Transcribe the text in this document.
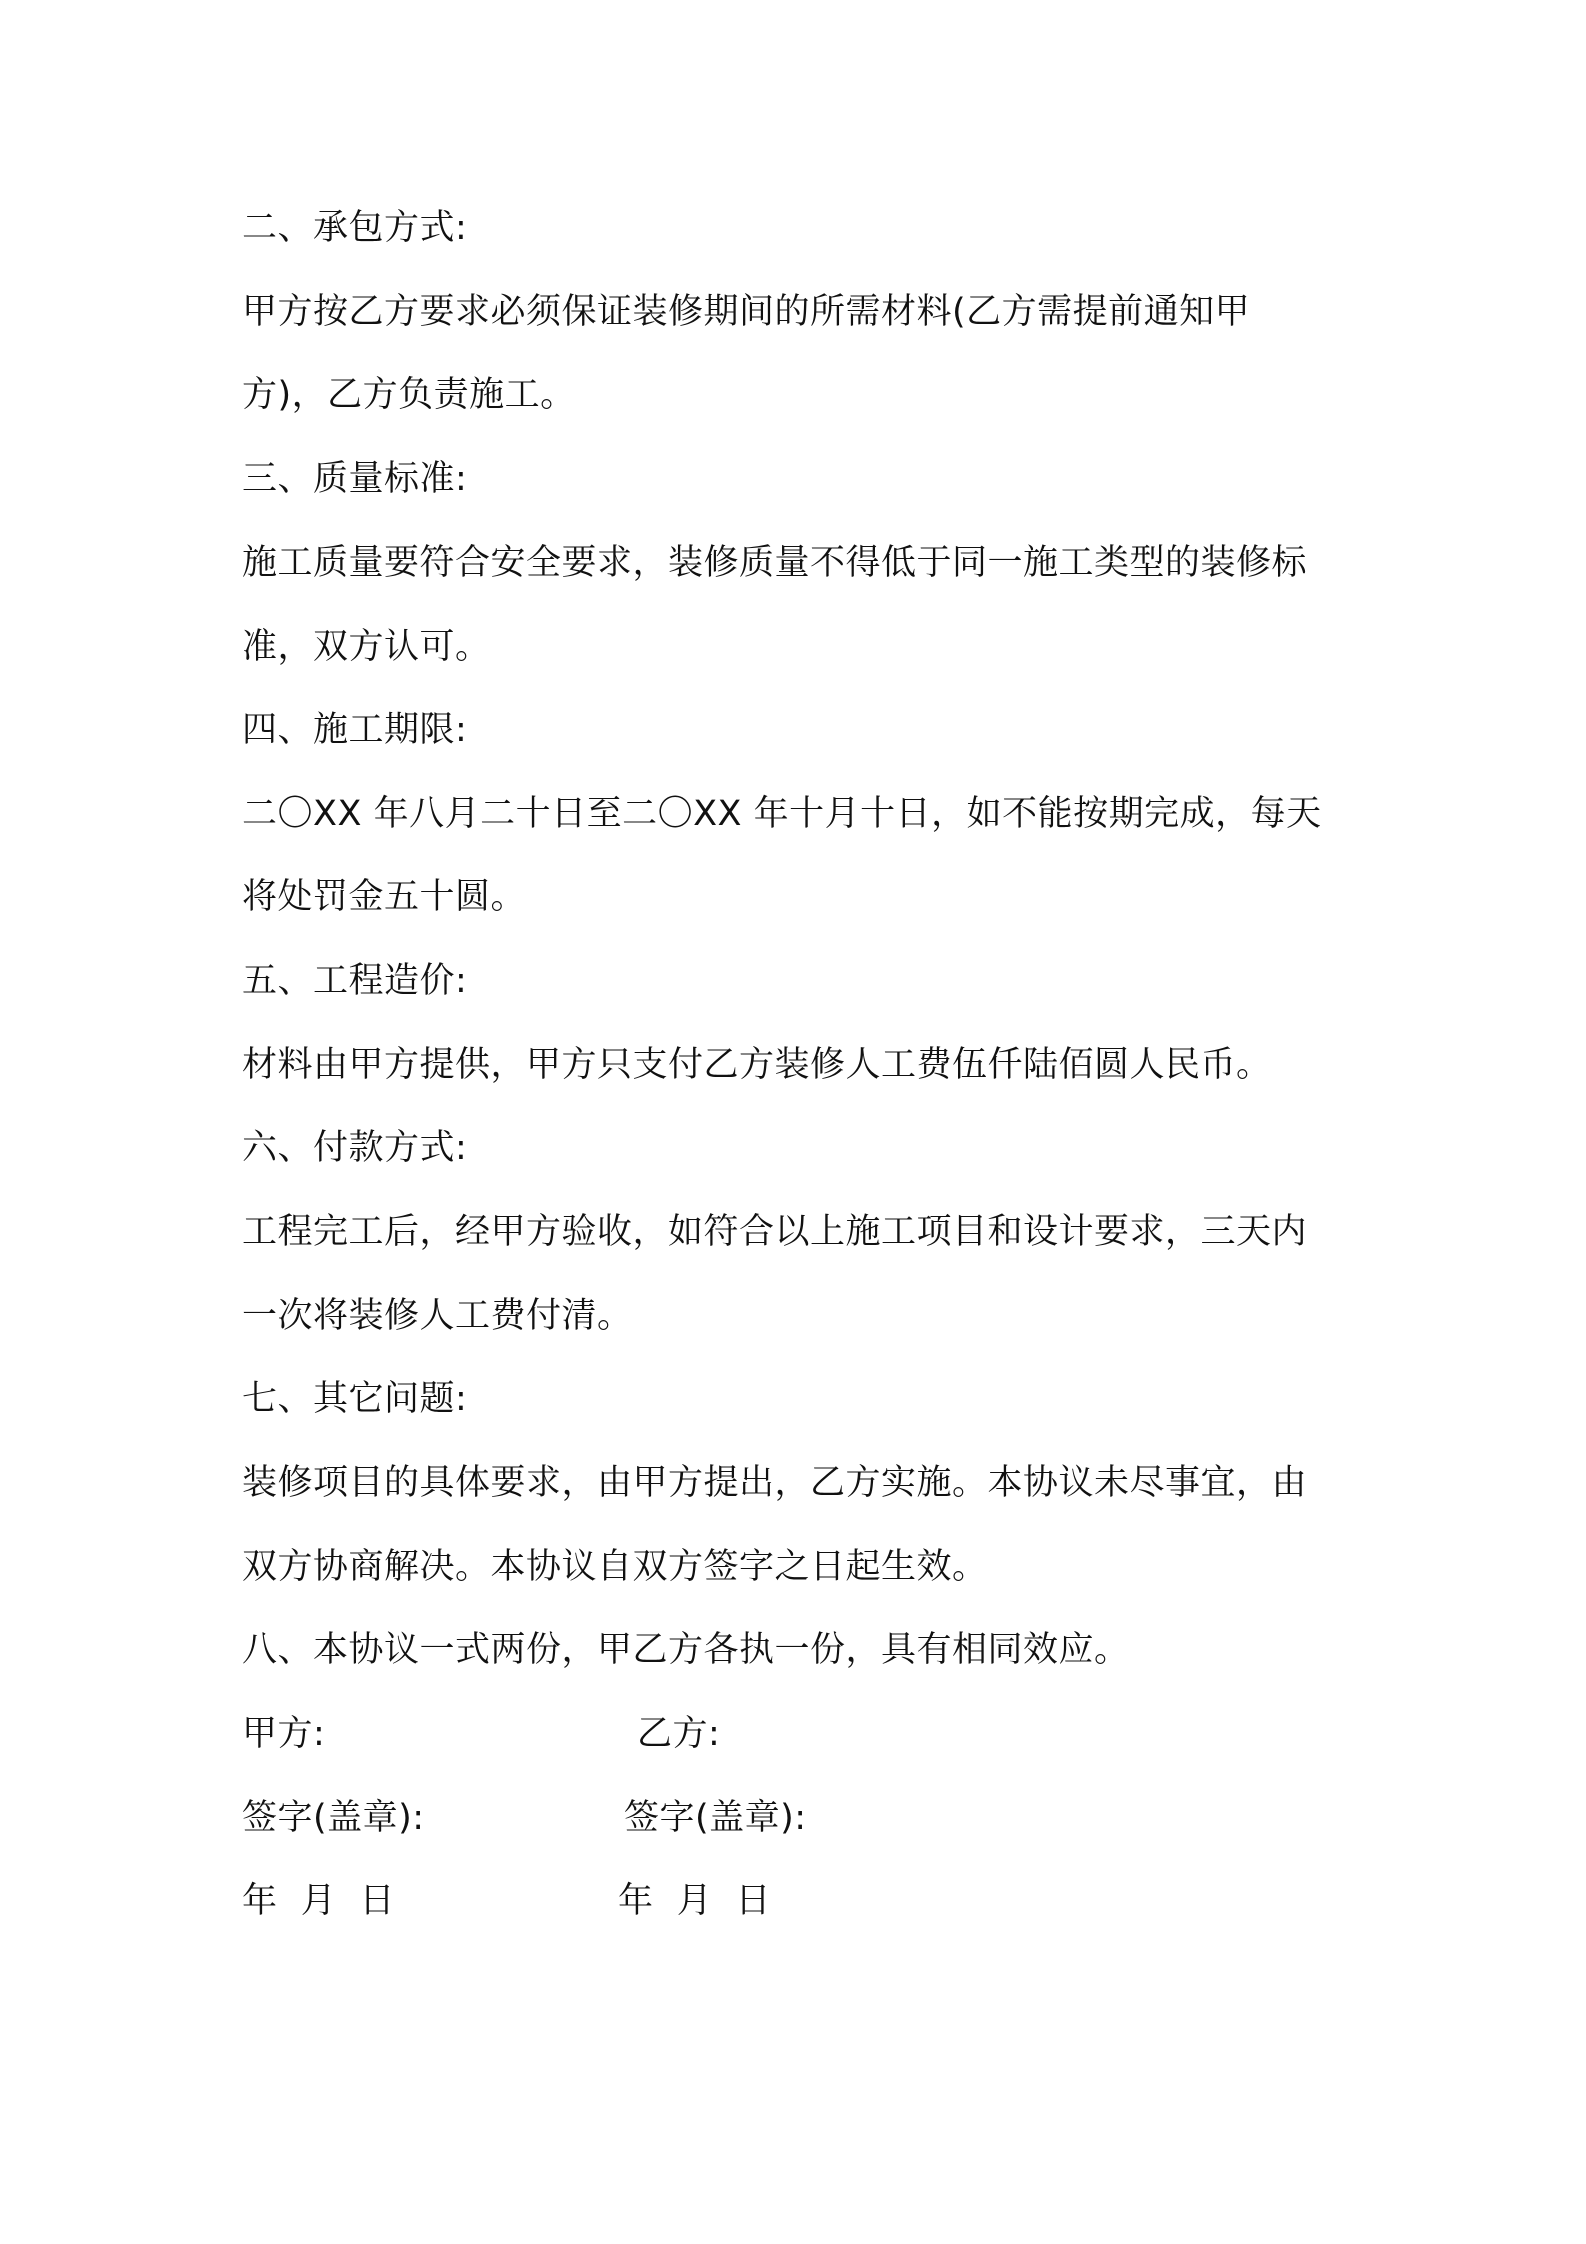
二、承包方式:
甲方按乙方要求必须保证装修期间的所需材料(乙方需提前通知甲
方)，乙方负责施工。
三、质量标准:
施工质量要符合安全要求，装修质量不得低于同一施工类型的装修标
准，双方认可。
四、施工期限:
二〇XX 年八月二十日至二〇XX 年十月十日，如不能按期完成，每天
将处罚金五十圆。
五、工程造价:
材料由甲方提供，甲方只支付乙方装修人工费伍仟陆佰圆人民币。
六、付款方式:
工程完工后，经甲方验收，如符合以上施工项目和设计要求，三天内
一次将装修人工费付清。
七、其它问题:
装修项目的具体要求，由甲方提出，乙方实施。本协议未尽事宜，由
双方协商解决。本协议自双方签字之日起生效。
八、本协议一式两份，甲乙方各执一份，具有相同效应。
甲方:	乙方:
签字(盖章):	签字(盖章):
年  月  日	年  月  日
